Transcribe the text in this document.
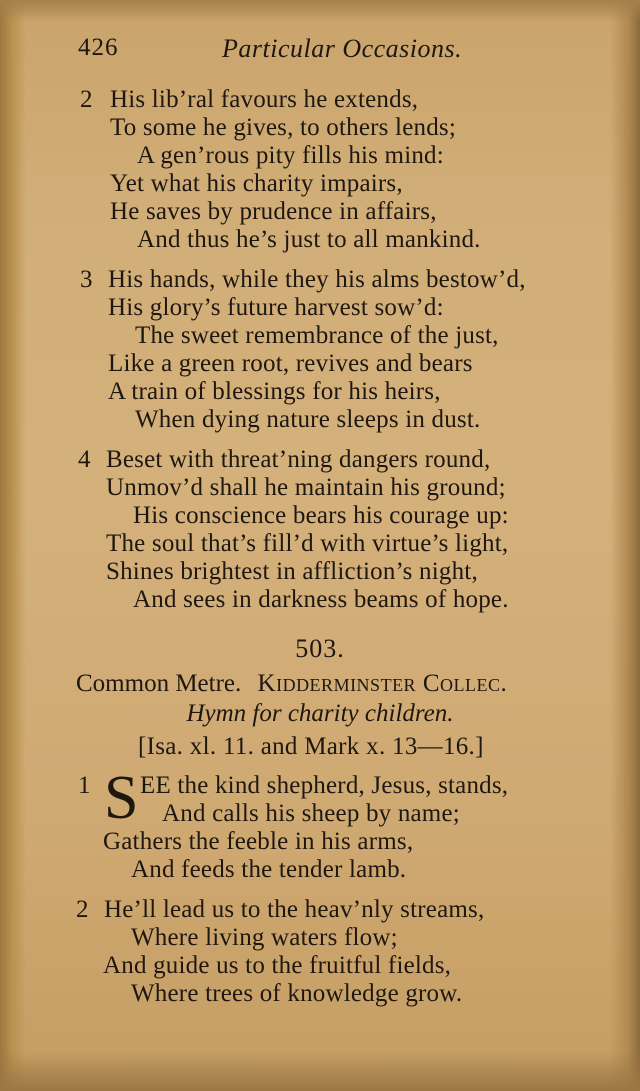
426	Particular Occasions.
2 His lib’ral favours he extends,
To some he gives, to others lends;
A gen’rous pity fills his mind:
Yet what his charity impairs,
He saves by prudence in affairs,
And thus he’s just to all mankind.
3 His hands, while they his alms bestow’d,
His glory’s future harvest sow’d:
The sweet remembrance of the just,
Like a green root, revives and bears
A train of blessings for his heirs,
When dying nature sleeps in dust.
4 Beset with threat’ning dangers round,
Unmov’d shall he maintain his ground;
His conscience bears his courage up:
The soul that’s fill’d with virtue’s light,
Shines brightest in affliction’s night,
And sees in darkness beams of hope.
503.
Common Metre. Kidderminster Collec.
Hymn for charity children.
[Isa. xl. 11. and Mark x. 13—16.]
1 S EE the kind shepherd, Jesus, stands,
And calls his sheep by name;
Gathers the feeble in his arms,
And feeds the tender lamb.
2 He’ll lead us to the heav’nly streams,
Where living waters flow;
And guide us to the fruitful fields,
Where trees of knowledge grow.
